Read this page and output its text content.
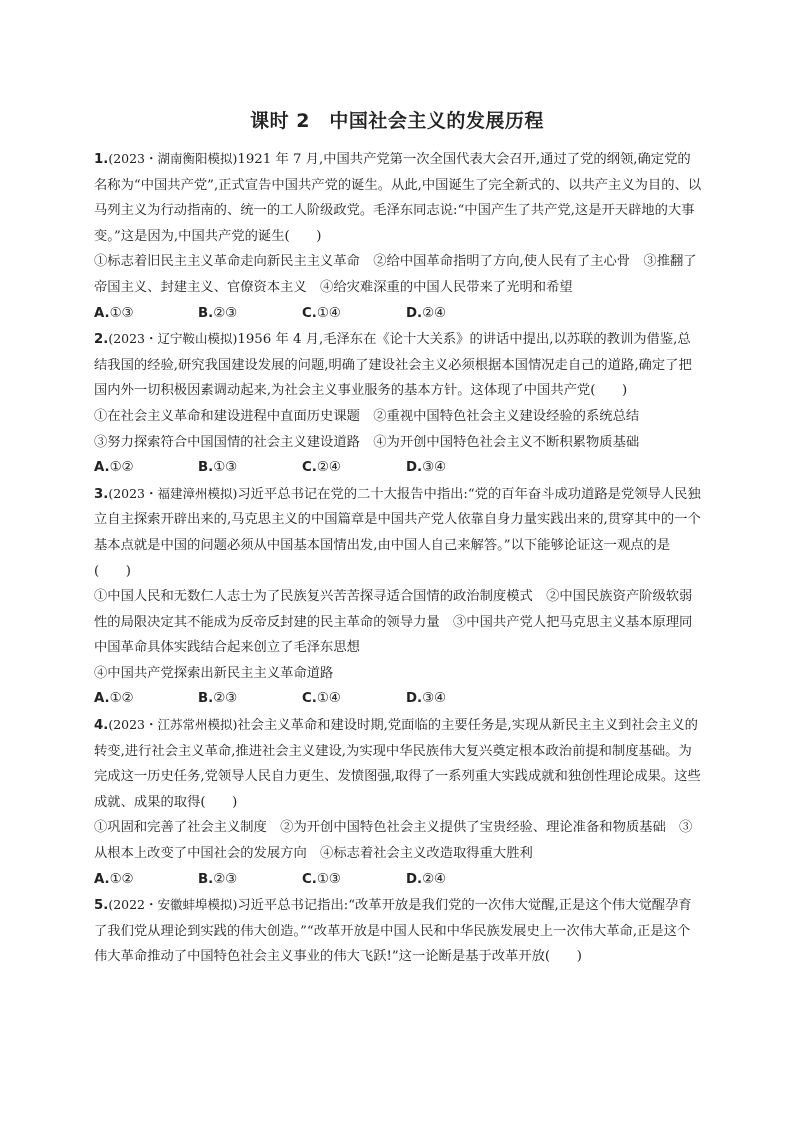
课时 2　中国社会主义的发展历程

1.(2023・湖南衡阳模拟)1921 年 7 月,中国共产党第一次全国代表大会召开,通过了党的纲领,确定党的名称为“中国共产党”,正式宣告中国共产党的诞生。从此,中国诞生了完全新式的、以共产主义为目的、以马列主义为行动指南的、统一的工人阶级政党。毛泽东同志说:“中国产生了共产党,这是开天辟地的大事变。”这是因为,中国共产党的诞生(　　)

①标志着旧民主主义革命走向新民主主义革命　②给中国革命指明了方向,使人民有了主心骨　③推翻了帝国主义、封建主义、官僚资本主义　④给灾难深重的中国人民带来了光明和希望

A.①③	B.②③	C.①④	D.②④

2.(2023・辽宁鞍山模拟)1956 年 4 月,毛泽东在《论十大关系》的讲话中提出,以苏联的教训为借鉴,总结我国的经验,研究我国建设发展的问题,明确了建设社会主义必须根据本国情况走自己的道路,确定了把国内外一切积极因素调动起来,为社会主义事业服务的基本方针。这体现了中国共产党(　　)

①在社会主义革命和建设进程中直面历史课题　②重视中国特色社会主义建设经验的系统总结

③努力探索符合中国国情的社会主义建设道路　④为开创中国特色社会主义不断积累物质基础

A.①②	B.①③	C.②④	D.③④

3.(2023・福建漳州模拟)习近平总书记在党的二十大报告中指出:“党的百年奋斗成功道路是党领导人民独立自主探索开辟出来的,马克思主义的中国篇章是中国共产党人依靠自身力量实践出来的,贯穿其中的一个基本点就是中国的问题必须从中国基本国情出发,由中国人自己来解答。”以下能够论证这一观点的是(　　)

①中国人民和无数仁人志士为了民族复兴苦苦探寻适合国情的政治制度模式　②中国民族资产阶级软弱性的局限决定其不能成为反帝反封建的民主革命的领导力量　③中国共产党人把马克思主义基本原理同中国革命具体实践结合起来创立了毛泽东思想

④中国共产党探索出新民主主义革命道路

A.①②	B.②③	C.①④	D.③④

4.(2023・江苏常州模拟)社会主义革命和建设时期,党面临的主要任务是,实现从新民主主义到社会主义的转变,进行社会主义革命,推进社会主义建设,为实现中华民族伟大复兴奠定根本政治前提和制度基础。为完成这一历史任务,党领导人民自力更生、发愤图强,取得了一系列重大实践成就和独创性理论成果。这些成就、成果的取得(　　)

①巩固和完善了社会主义制度　②为开创中国特色社会主义提供了宝贵经验、理论准备和物质基础　③从根本上改变了中国社会的发展方向　④标志着社会主义改造取得重大胜利

A.①②	B.②③	C.①③	D.②④

5.(2022・安徽蚌埠模拟)习近平总书记指出:“改革开放是我们党的一次伟大觉醒,正是这个伟大觉醒孕育了我们党从理论到实践的伟大创造。”“改革开放是中国人民和中华民族发展史上一次伟大革命,正是这个伟大革命推动了中国特色社会主义事业的伟大飞跃!”这一论断是基于改革开放(　　)
